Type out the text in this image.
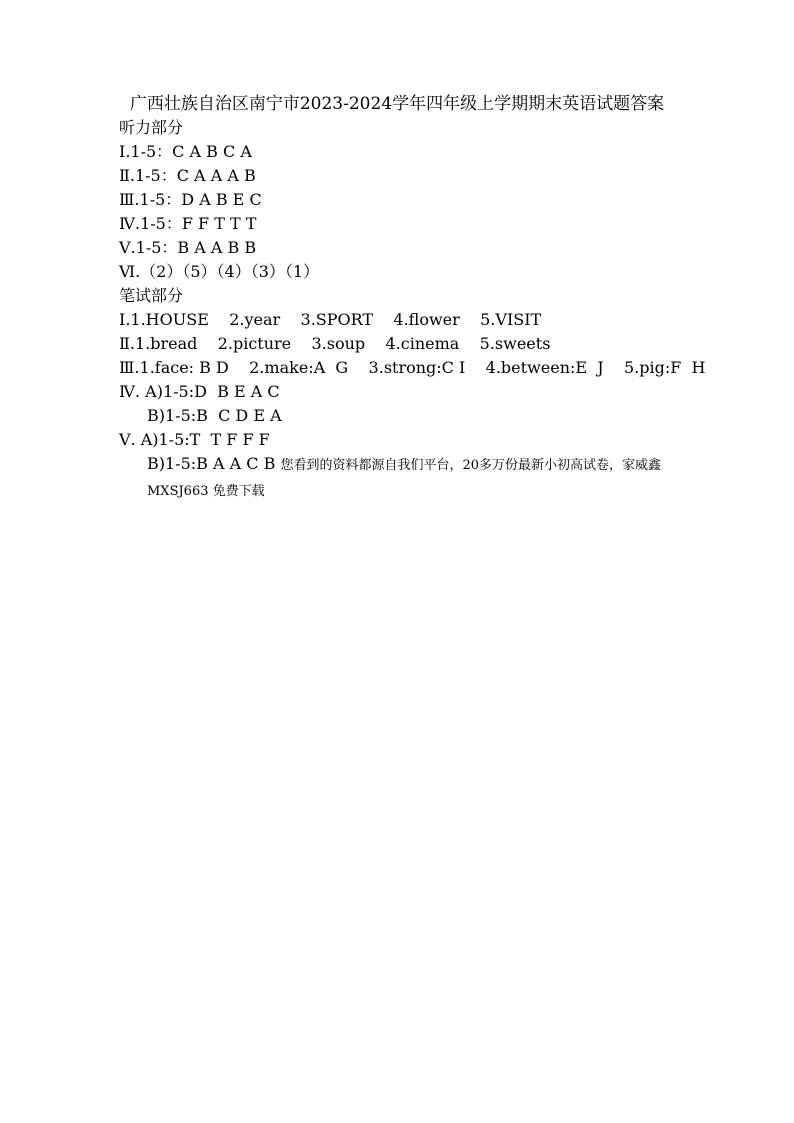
广西壮族自治区南宁市2023-2024学年四年级上学期期末英语试题答案

听力部分

Ⅰ.1-5：C A B C A

Ⅱ.1-5：C A A A B

Ⅲ.1-5：D A B E C

Ⅳ.1-5：F F T T T

Ⅴ.1-5：B A A B B

Ⅵ.（2）（5）（4）（3）（1）

笔试部分

Ⅰ.1.HOUSE    2.year    3.SPORT    4.flower    5.VISIT

Ⅱ.1.bread    2.picture    3.soup    4.cinema    5.sweets

Ⅲ.1.face: B D    2.make:A  G    3.strong:C I    4.between:E  J    5.pig:F  H

Ⅳ. A)1-5:D  B E A C

B)1-5:B  C D E A

Ⅴ. A)1-5:T  T F F F

B)1-5:B A A C B 您看到的资料都源自我们平台，20多万份最新小初高试卷，家威鑫 MXSJ663 免费下载
